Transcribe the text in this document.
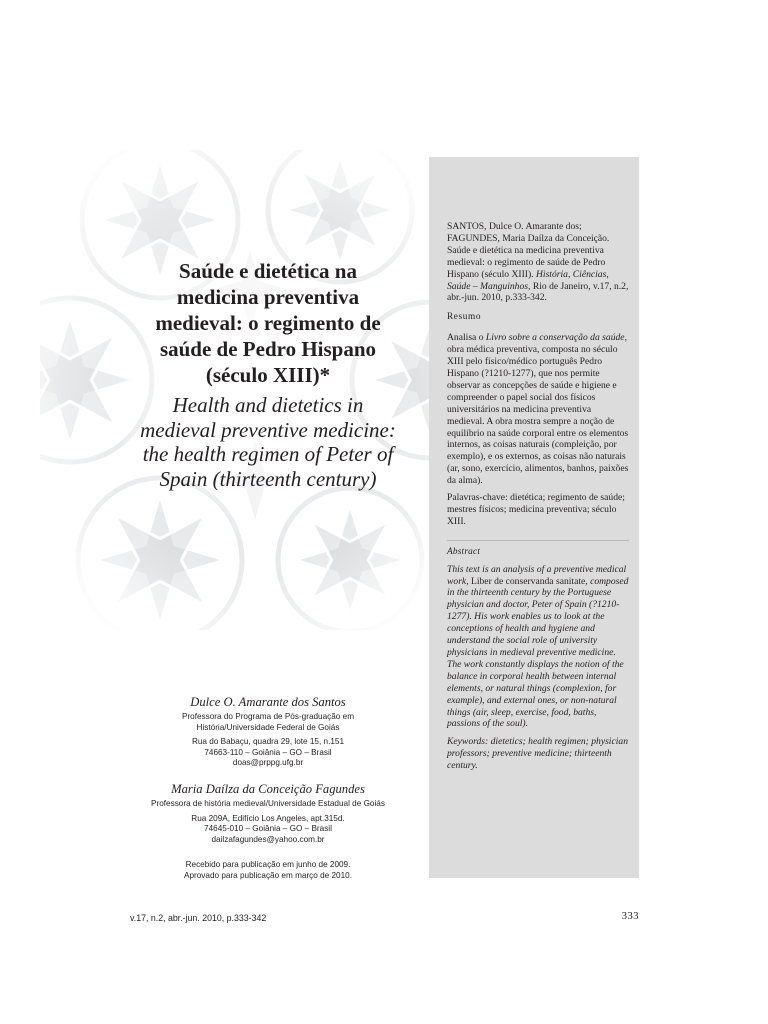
Saúde e dietética na
medicina preventiva
medieval: o regimento de
saúde de Pedro Hispano
(século XIII)*
Health and dietetics in
medieval preventive medicine:
the health regimen of Peter of
Spain (thirteenth century)

SANTOS, Dulce O. Amarante dos; FAGUNDES, Maria Daílza da Conceição. Saúde e dietética na medicina preventiva medieval: o regimento de saúde de Pedro Hispano (século XIII). História, Ciências, Saúde – Manguinhos, Rio de Janeiro, v.17, n.2, abr.-jun. 2010, p.333-342.

Resumo

Analisa o Livro sobre a conservação da saúde, obra médica preventiva, composta no século XIII pelo físico/médico português Pedro Hispano (?1210-1277), que nos permite observar as concepções de saúde e higiene e compreender o papel social dos físicos universitários na medicina preventiva medieval. A obra mostra sempre a noção de equilíbrio na saúde corporal entre os elementos internos, as coisas naturais (compleição, por exemplo), e os externos, as coisas não naturais (ar, sono, exercício, alimentos, banhos, paixões da alma).

Palavras-chave: dietética; regimento de saúde; mestres físicos; medicina preventiva; século XIII.

Abstract

This text is an analysis of a preventive medical work, Liber de conservanda sanitate, composed in the thirteenth century by the Portuguese physician and doctor, Peter of Spain (?1210-1277). His work enables us to look at the conceptions of health and hygiene and understand the social role of university physicians in medieval preventive medicine. The work constantly displays the notion of the balance in corporal health between internal elements, or natural things (complexion, for example), and external ones, or non-natural things (air, sleep, exercise, food, baths, passions of the soul).

Keywords: dietetics; health regimen; physician professors; preventive medicine; thirteenth century.

Dulce O. Amarante dos Santos

Professora do Programa de Pós-graduação em

História/Universidade Federal de Goiás

Rua do Babaçu, quadra 29, lote 15, n.151

74663-110 – Goiânia – GO – Brasil

doas@prppg.ufg.br

Maria Daílza da Conceição Fagundes

Professora de história medieval/Universidade Estadual de Goiás

Rua 209A, Edifício Los Angeles, apt.315d.

74645-010 – Goiânia – GO – Brasil

dailzafagundes@yahoo.com.br

Recebido para publicação em junho de 2009.

Aprovado para publicação em março de 2010.

v.17, n.2, abr.-jun. 2010, p.333-342	333
